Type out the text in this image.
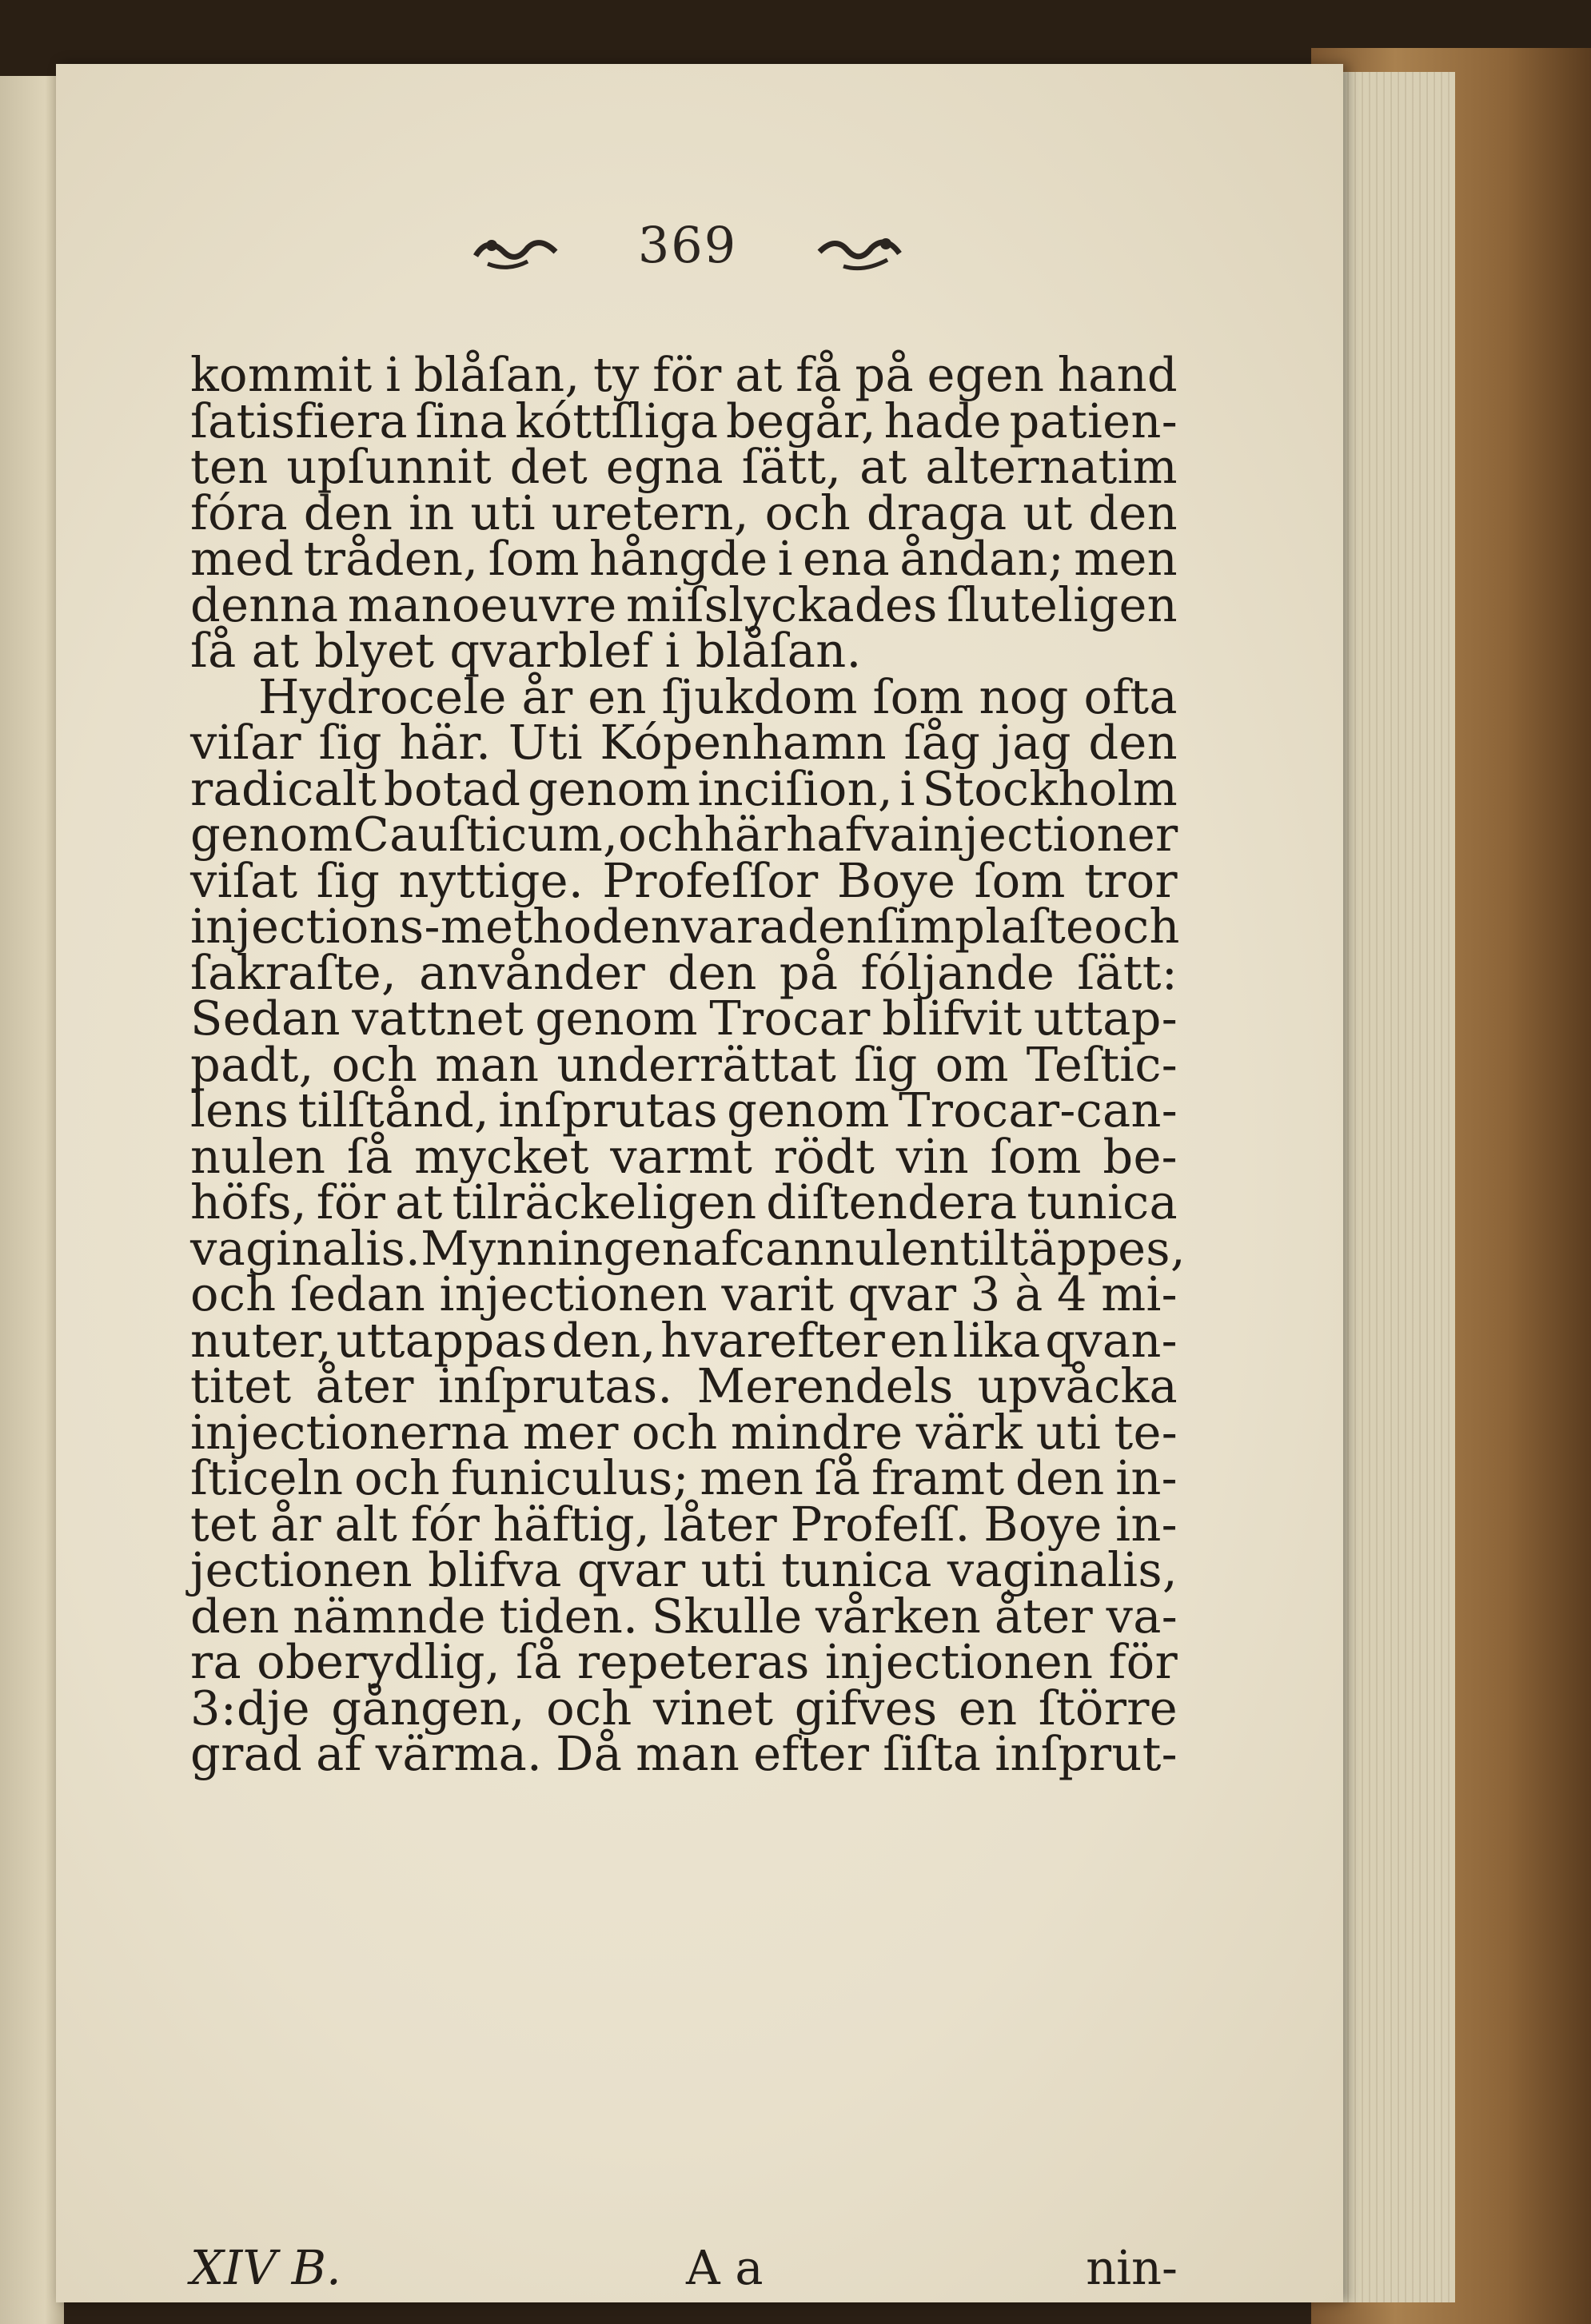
369
kommit i blåſan, ty för at få på egen hand
ſatisfiera ſina kóttſliga begår, hade patien-
ten upſunnit det egna ſätt, at alternatim
fóra den in uti uretern, och draga ut den
med tråden, ſom hångde i ena åndan; men
denna manoeuvre miſslyckades ſluteligen
ſå at blyet qvarblef i blåſan.
Hydrocele år en ſjukdom ſom nog ofta
viſar ſig här. Uti Kópenhamn ſåg jag den
radicalt botad genom inciſion, i Stockholm
genom Cauſticum, och här hafva injectioner
viſat ſig nyttige. Profeſſor Boye ſom tror
injections-methoden vara den ſimplaſte och
ſakraſte, anvånder den på fóljande ſätt:
Sedan vattnet genom Trocar blifvit uttap-
padt, och man underrättat ſig om Teſtic-
lens tilſtånd, inſprutas genom Trocar-can-
nulen ſå mycket varmt rödt vin ſom be-
höfs, för at tilräckeligen diſtendera tunica
vaginalis. Mynningen af cannulen tiltäppes,
och ſedan injectionen varit qvar 3 à 4 mi-
nuter, uttappas den, hvarefter en lika qvan-
titet åter inſprutas. Merendels upvåcka
injectionerna mer och mindre värk uti te-
ſticeln och funiculus; men ſå framt den in-
tet år alt fór häftig, låter Profeſſ. Boye in-
jectionen blifva qvar uti tunica vaginalis,
den nämnde tiden. Skulle vårken åter va-
ra oberydlig, ſå repeteras injectionen för
3:dje gången, och vinet gifves en ſtörre
grad af värma. Då man efter ſiſta inſprut-
XIV B.	A a	nin-
